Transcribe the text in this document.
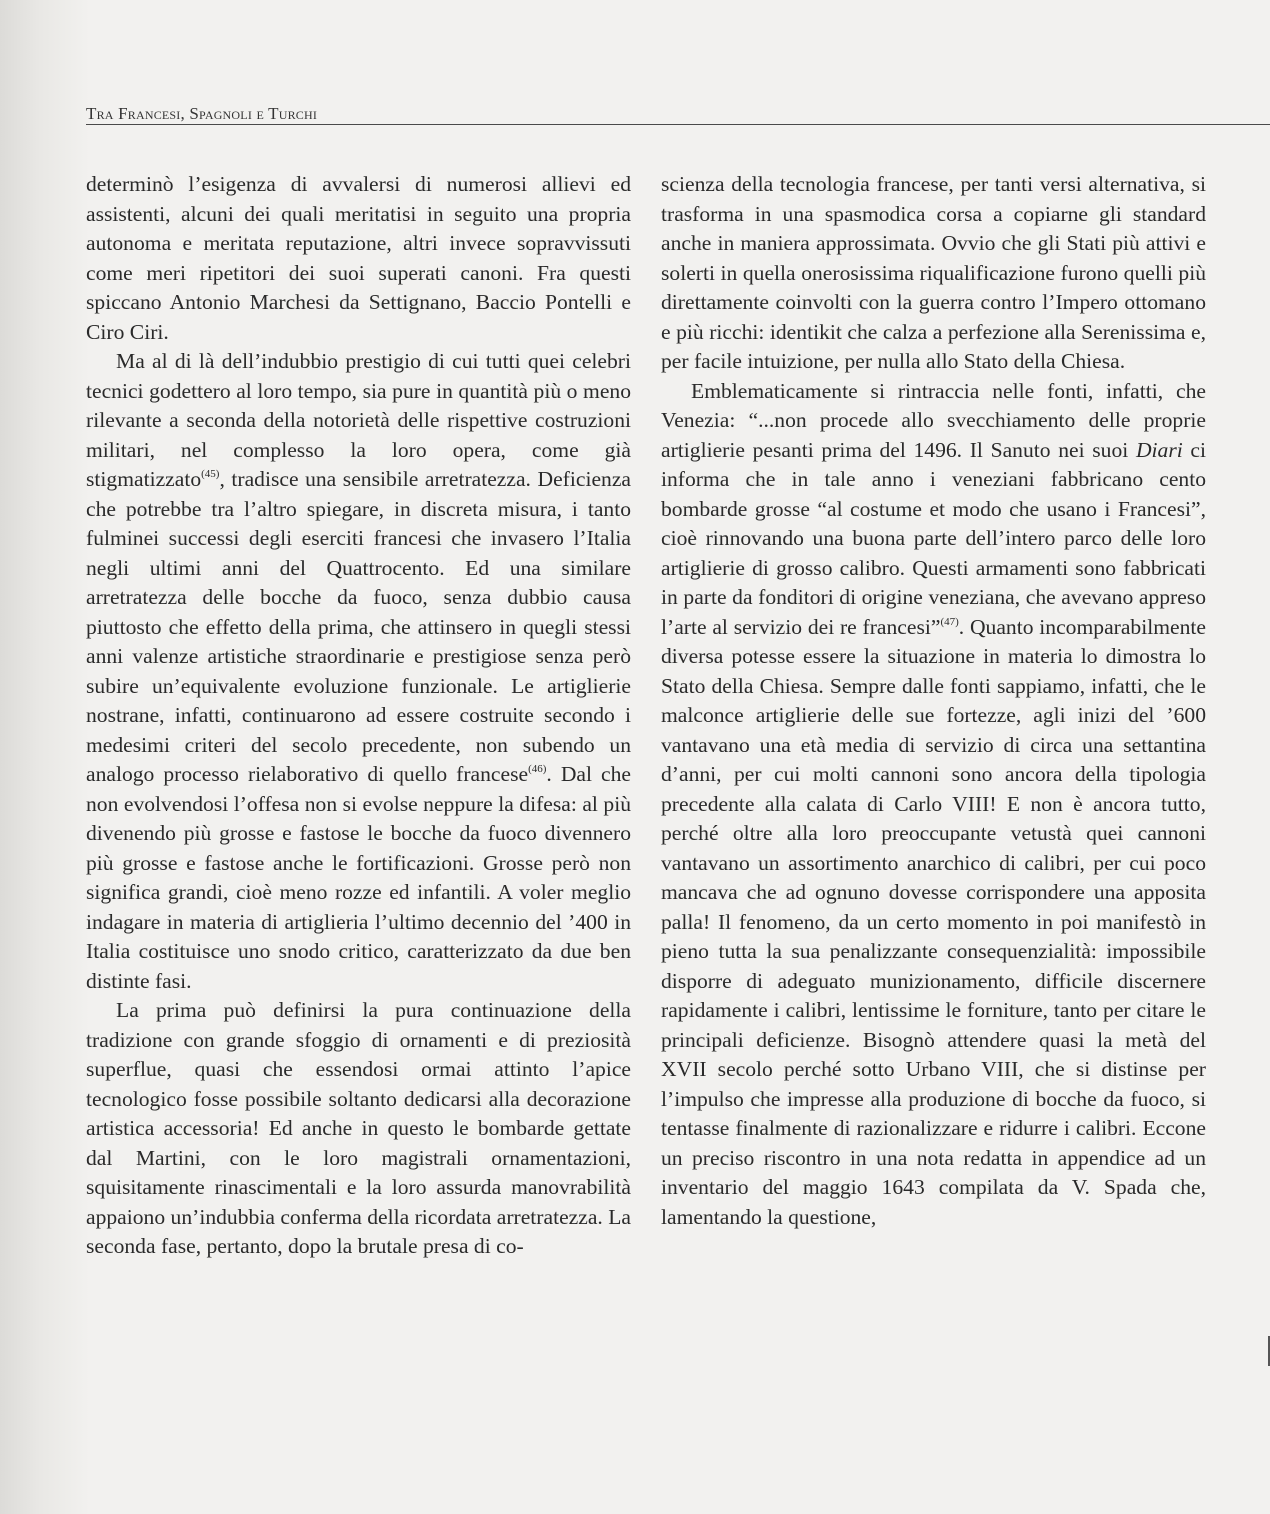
Tra Francesi, Spagnoli e Turchi

determinò l’esigenza di avvalersi di numerosi allievi ed assistenti, alcuni dei quali meritatisi in seguito una propria autonoma e meritata reputazione, altri invece sopravvissuti come meri ripetitori dei suoi superati canoni. Fra questi spiccano Antonio Marchesi da Settignano, Baccio Pontelli e Ciro Ciri.

Ma al di là dell’indubbio prestigio di cui tutti quei celebri tecnici godettero al loro tempo, sia pure in quantità più o meno rilevante a seconda della notorietà delle rispettive costruzioni militari, nel complesso la loro opera, come già stigmatizzato$^{(45)}$, tradisce una sensibile arretratezza. Deficienza che potrebbe tra l’altro spiegare, in discreta misura, i tanto fulminei successi degli eserciti francesi che invasero l’Italia negli ultimi anni del Quattrocento. Ed una similare arretratezza delle bocche da fuoco, senza dubbio causa piuttosto che effetto della prima, che attinsero in quegli stessi anni valenze artistiche straordinarie e prestigiose senza però subire un’equivalente evoluzione funzionale. Le artiglierie nostrane, infatti, continuarono ad essere costruite secondo i medesimi criteri del secolo precedente, non subendo un analogo processo rielaborativo di quello francese$^{(46)}$. Dal che non evolvendosi l’offesa non si evolse neppure la difesa: al più divenendo più grosse e fastose le bocche da fuoco divennero più grosse e fastose anche le fortificazioni. Grosse però non significa grandi, cioè meno rozze ed infantili. A voler meglio indagare in materia di artiglieria l’ultimo decennio del ’400 in Italia costituisce uno snodo critico, caratterizzato da due ben distinte fasi.

La prima può definirsi la pura continuazione della tradizione con grande sfoggio di ornamenti e di preziosità superflue, quasi che essendosi ormai attinto l’apice tecnologico fosse possibile soltanto dedicarsi alla decorazione artistica accessoria! Ed anche in questo le bombarde gettate dal Martini, con le loro magistrali ornamentazioni, squisitamente rinascimentali e la loro assurda manovrabilità appaiono un’indubbia conferma della ricordata arretratezza. La seconda fase, pertanto, dopo la brutale presa di co-

scienza della tecnologia francese, per tanti versi alternativa, si trasforma in una spasmodica corsa a copiarne gli standard anche in maniera approssimata. Ovvio che gli Stati più attivi e solerti in quella onerosissima riqualificazione furono quelli più direttamente coinvolti con la guerra contro l’Impero ottomano e più ricchi: identikit che calza a perfezione alla Serenissima e, per facile intuizione, per nulla allo Stato della Chiesa.

Emblematicamente si rintraccia nelle fonti, infatti, che Venezia: “...non procede allo svecchiamento delle proprie artiglierie pesanti prima del 1496. Il Sanuto nei suoi Diari ci informa che in tale anno i veneziani fabbricano cento bombarde grosse “al costume et modo che usano i Francesi”, cioè rinnovando una buona parte dell’intero parco delle loro artiglierie di grosso calibro. Questi armamenti sono fabbricati in parte da fonditori di origine veneziana, che avevano appreso l’arte al servizio dei re francesi”$^{(47)}$. Quanto incomparabilmente diversa potesse essere la situazione in materia lo dimostra lo Stato della Chiesa. Sempre dalle fonti sappiamo, infatti, che le malconce artiglierie delle sue fortezze, agli inizi del ’600 vantavano una età media di servizio di circa una settantina d’anni, per cui molti cannoni sono ancora della tipologia precedente alla calata di Carlo VIII! E non è ancora tutto, perché oltre alla loro preoccupante vetustà quei cannoni vantavano un assortimento anarchico di calibri, per cui poco mancava che ad ognuno dovesse corrispondere una apposita palla! Il fenomeno, da un certo momento in poi manifestò in pieno tutta la sua penalizzante consequenzialità: impossibile disporre di adeguato munizionamento, difficile discernere rapidamente i calibri, lentissime le forniture, tanto per citare le principali deficienze. Bisognò attendere quasi la metà del XVII secolo perché sotto Urbano VIII, che si distinse per l’impulso che impresse alla produzione di bocche da fuoco, si tentasse finalmente di razionalizzare e ridurre i calibri. Eccone un preciso riscontro in una nota redatta in appendice ad un inventario del maggio 1643 compilata da V. Spada che, lamentando la questione,
